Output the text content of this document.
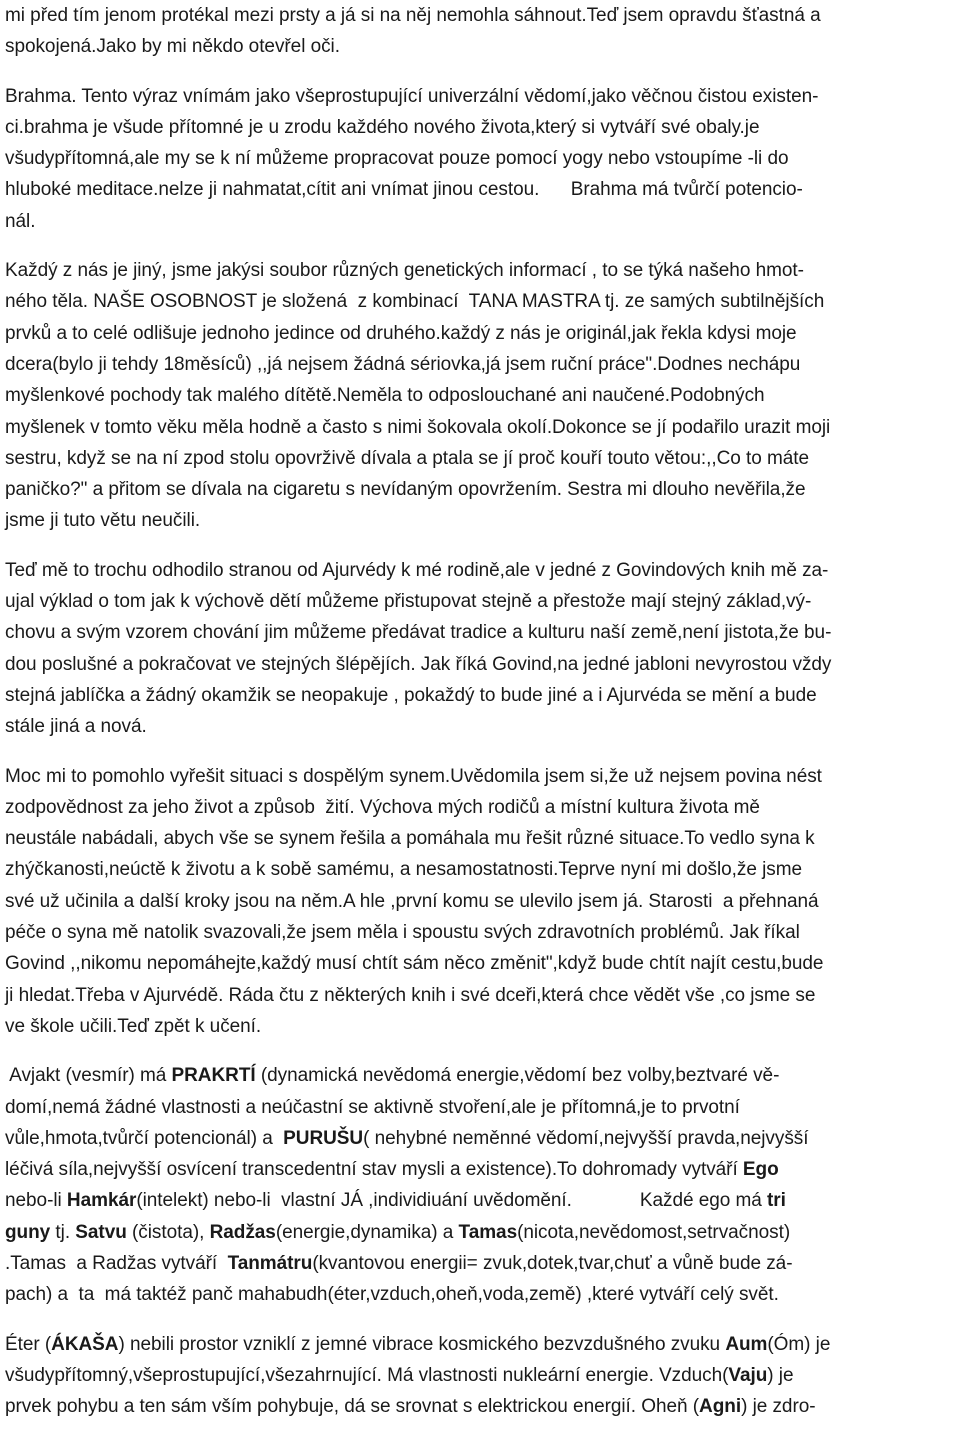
mi před tím jenom protékal mezi prsty a já si na něj nemohla sáhnout.Teď jsem opravdu šťastná a
spokojená.Jako by mi někdo otevřel oči.

Brahma. Tento výraz vnímám jako všeprostupující univerzální vědomí,jako věčnou čistou existen-
ci.brahma je všude přítomné je u zrodu každého nového života,který si vytváří své obaly.je
všudypřítomná,ale my se k ní můžeme propracovat pouze pomocí yogy nebo vstoupíme -li do
hluboké meditace.nelze ji nahmatat,cítit ani vnímat jinou cestou.      Brahma má tvůrčí potencio-
nál.

Každý z nás je jiný, jsme jakýsi soubor různých genetických informací , to se týká našeho hmot-
ného těla. NAŠE OSOBNOST je složená  z kombinací  TANA MASTRA tj. ze samých subtilnějších
prvků a to celé odlišuje jednoho jedince od druhého.každý z nás je originál,jak řekla kdysi moje
dcera(bylo ji tehdy 18měsíců) ,,já nejsem žádná sériovka,já jsem ruční práce".Dodnes nechápu
myšlenkové pochody tak malého dítětě.Neměla to odposlouchané ani naučené.Podobných
myšlenek v tomto věku měla hodně a často s nimi šokovala okolí.Dokonce se jí podařilo urazit moji
sestru, když se na ní zpod stolu opovrživě dívala a ptala se jí proč kouří touto větou:,,Co to máte
paničko?" a přitom se dívala na cigaretu s nevídaným opovržením. Sestra mi dlouho nevěřila,že
jsme ji tuto větu neučili.

Teď mě to trochu odhodilo stranou od Ajurvédy k mé rodině,ale v jedné z Govindových knih mě za-
ujal výklad o tom jak k výchově dětí můžeme přistupovat stejně a přestože mají stejný základ,vý-
chovu a svým vzorem chování jim můžeme předávat tradice a kulturu naší země,není jistota,že bu-
dou poslušné a pokračovat ve stejných šlépějích. Jak říká Govind,na jedné jabloni nevyrostou vždy
stejná jablíčka a žádný okamžik se neopakuje , pokaždý to bude jiné a i Ajurvéda se mění a bude
stále jiná a nová.

Moc mi to pomohlo vyřešit situaci s dospělým synem.Uvědomila jsem si,že už nejsem povina nést
zodpovědnost za jeho život a způsob  žití. Výchova mých rodičů a místní kultura života mě
neustále nabádali, abych vše se synem řešila a pomáhala mu řešit různé situace.To vedlo syna k
zhýčkanosti,neúctě k životu a k sobě samému, a nesamostatnosti.Teprve nyní mi došlo,že jsme
své už učinila a další kroky jsou na něm.A hle ,první komu se ulevilo jsem já. Starosti  a přehnaná
péče o syna mě natolik svazovali,že jsem měla i spoustu svých zdravotních problémů. Jak říkal
Govind ,,nikomu nepomáhejte,každý musí chtít sám něco změnit",když bude chtít najít cestu,bude
ji hledat.Třeba v Ajurvédě. Ráda čtu z některých knih i své dceři,která chce vědět vše ,co jsme se
ve škole učili.Teď zpět k učení.

Avjakt (vesmír) má PRAKRTÍ (dynamická nevědomá energie,vědomí bez volby,beztvaré vě-
domí,nemá žádné vlastnosti a neúčastní se aktivně stvoření,ale je přítomná,je to prvotní
vůle,hmota,tvůrčí potencionál) a  PURUŠU( nehybné neměnné vědomí,nejvyšší pravda,nejvyšší
léčivá síla,nejvyšší osvícení transcedentní stav mysli a existence).To dohromady vytváří Ego
nebo-li Hamkár(intelekt) nebo-li  vlastní JÁ ,individiuání uvědomění.             Každé ego má tri
guny tj. Satvu (čistota), Radžas(energie,dynamika) a Tamas(nicota,nevědomost,setrvačnost)
.Tamas  a Radžas vytváří  Tanmátru(kvantovou energii= zvuk,dotek,tvar,chuť a vůně bude zá-
pach) a  ta  má taktéž panč mahabudh(éter,vzduch,oheň,voda,země) ,které vytváří celý svět.

Éter (ÁKAŠA) nebili prostor vzniklí z jemné vibrace kosmického bezvzdušného zvuku Aum(Óm) je
všudypřítomný,všeprostupující,všezahrnující. Má vlastnosti nukleární energie. Vzduch(Vaju) je
prvek pohybu a ten sám vším pohybuje, dá se srovnat s elektrickou energií. Oheň (Agni) je zdro-
